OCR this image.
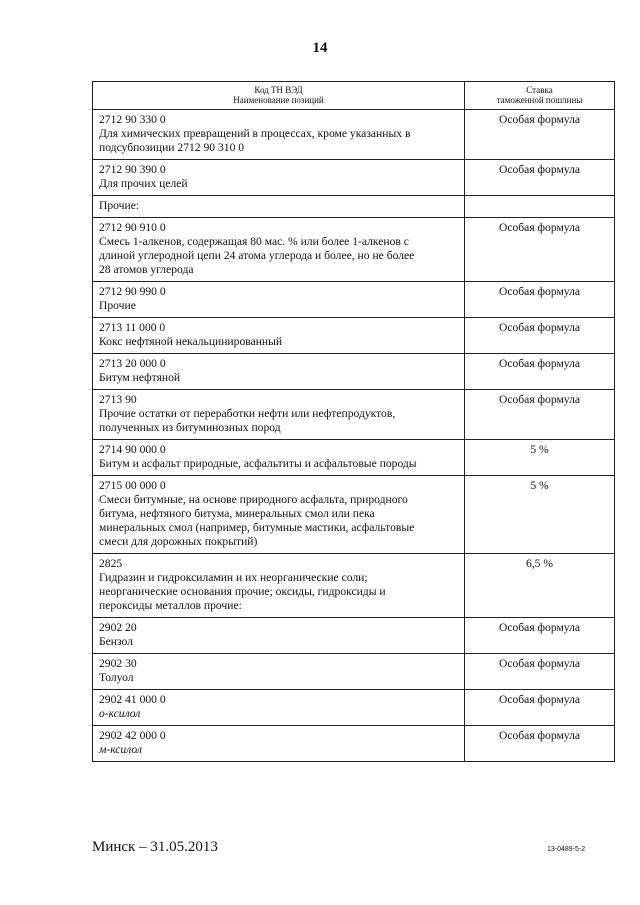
14
Код ТН ВЭД
Наименование позиций	Ставка
таможенной пошлины

2712 90 330 0
Для химических превращений в процессах, кроме указанных в
подсубпозиции 2712 90 310 0	Особая формула

2712 90 390 0
Для прочих целей	Особая формула

Прочие:	

2712 90 910 0
Смесь 1-алкенов, содержащая 80 мас. % или более 1-алкенов с
длиной углеродной цепи 24 атома углерода и более, но не более
28 атомов углерода	Особая формула

2712 90 990 0
Прочие	Особая формула

2713 11 000 0
Кокс нефтяной некальцинированный	Особая формула

2713 20 000 0
Битум нефтяной	Особая формула

2713 90
Прочие остатки от переработки нефти или нефтепродуктов,
полученных из битуминозных пород	Особая формула

2714 90 000 0
Битум и асфальт природные, асфальтиты и асфальтовые породы	5 %

2715 00 000 0
Смеси битумные, на основе природного асфальта, природного
битума, нефтяного битума, минеральных смол или пека
минеральных смол (например, битумные мастики, асфальтовые
смеси для дорожных покрытий)	5 %

2825
Гидразин и гидроксиламин и их неорганические соли;
неорганические основания прочие; оксиды, гидроксиды и
пероксиды металлов прочие:	6,5 %

2902 20
Бензол	Особая формула

2902 30
Толуол	Особая формула

2902 41 000 0
о-ксилол	Особая формула

2902 42 000 0
м-ксилол	Особая формула
Минск – 31.05.2013	13-0489-5-2
